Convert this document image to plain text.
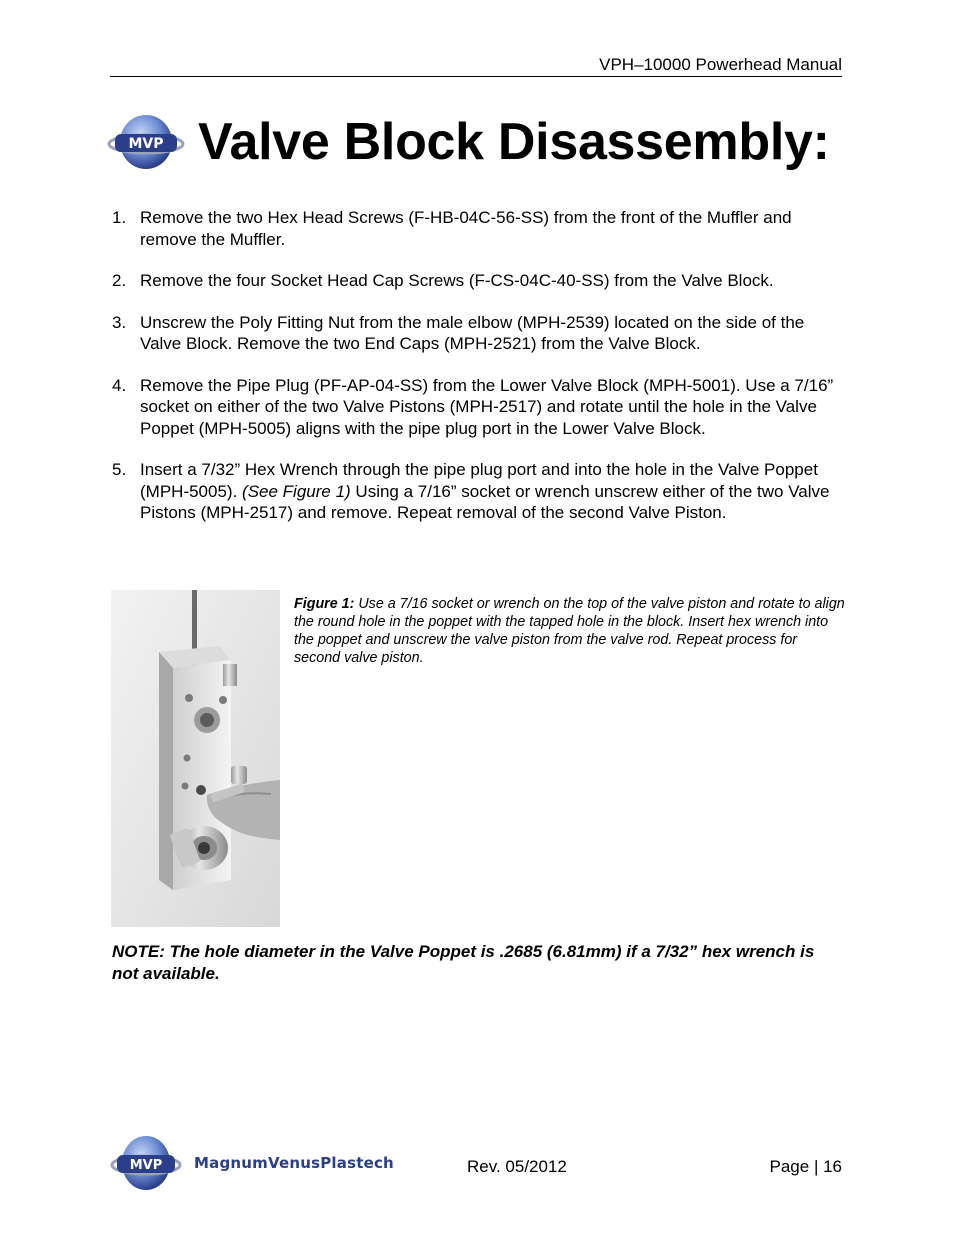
VPH–10000 Powerhead Manual
MVP Valve Block Disassembly:
1. Remove the two Hex Head Screws (F-HB-04C-56-SS) from the front of the Muffler and remove the Muffler.
2. Remove the four Socket Head Cap Screws (F-CS-04C-40-SS) from the Valve Block.
3. Unscrew the Poly Fitting Nut from the male elbow (MPH-2539) located on the side of the Valve Block. Remove the two End Caps (MPH-2521) from the Valve Block.
4. Remove the Pipe Plug (PF-AP-04-SS) from the Lower Valve Block (MPH-5001). Use a 7/16” socket on either of the two Valve Pistons (MPH-2517) and rotate until the hole in the Valve Poppet (MPH-5005) aligns with the pipe plug port in the Lower Valve Block.
5. Insert a 7/32” Hex Wrench through the pipe plug port and into the hole in the Valve Poppet (MPH-5005). (See Figure 1) Using a 7/16” socket or wrench unscrew either of the two Valve Pistons (MPH-2517) and remove. Repeat removal of the second Valve Piston.
Figure 1: Use a 7/16 socket or wrench on the top of the valve piston and rotate to align the round hole in the poppet with the tapped hole in the block. Insert hex wrench into the poppet and unscrew the valve piston from the valve rod. Repeat process for second valve piston.
NOTE: The hole diameter in the Valve Poppet is .2685 (6.81mm) if a 7/32” hex wrench is not available.
MVP MagnumVenusPlastech	Rev. 05/2012	Page | 16
